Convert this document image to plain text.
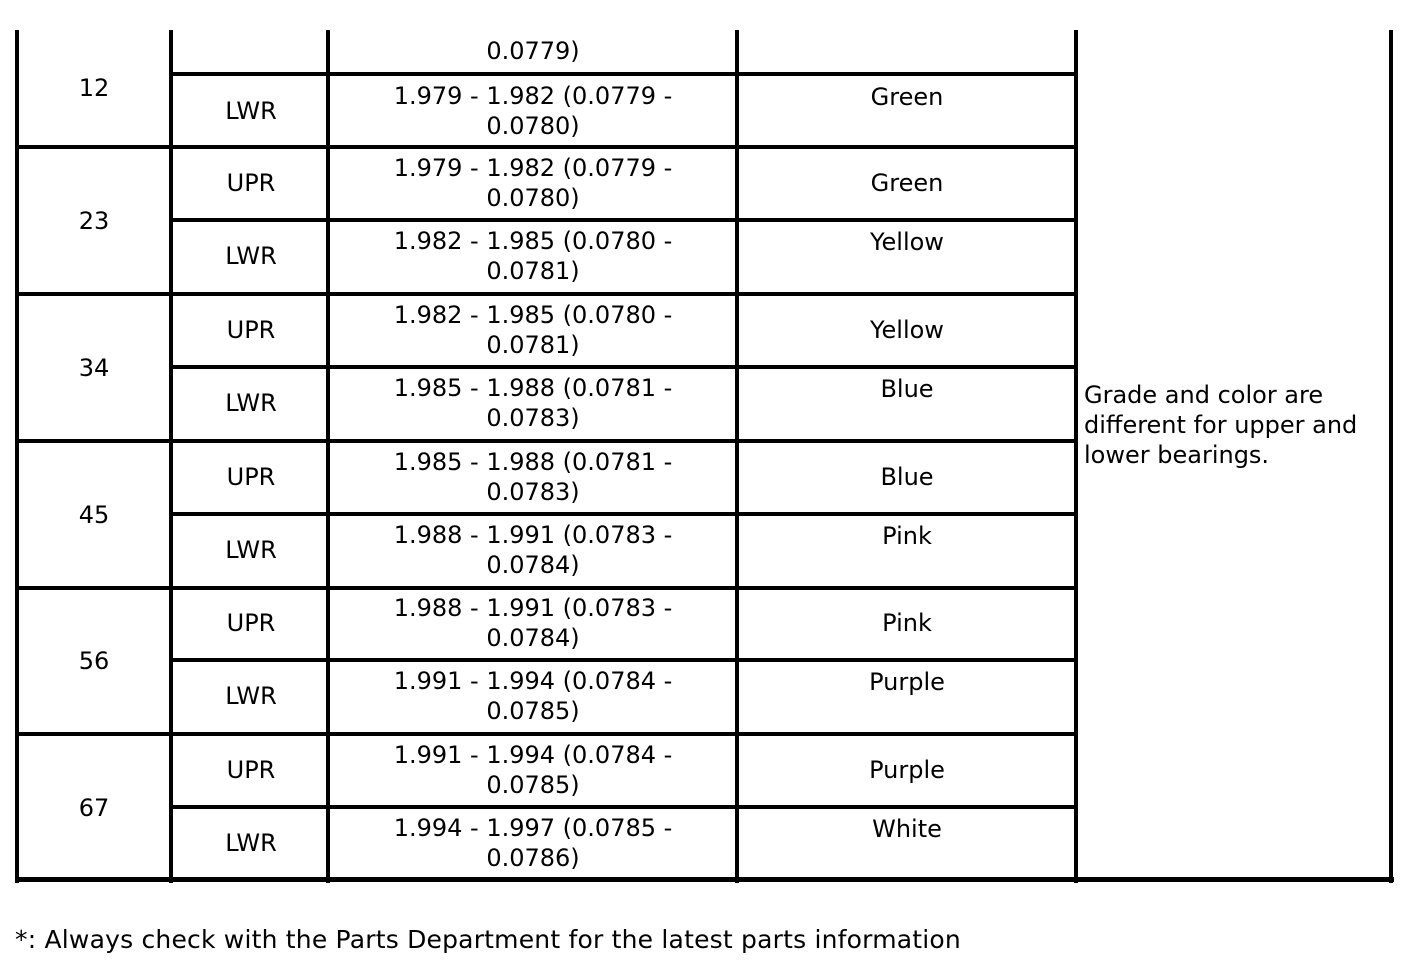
12
0.0779)
LWR
1.979 - 1.982 (0.0779 -
0.0780)
Green
23
UPR
1.979 - 1.982 (0.0779 -
0.0780)
Green
LWR
1.982 - 1.985 (0.0780 -
0.0781)
Yellow
34
UPR
1.982 - 1.985 (0.0780 -
0.0781)
Yellow
LWR
1.985 - 1.988 (0.0781 -
0.0783)
Blue
45
UPR
1.985 - 1.988 (0.0781 -
0.0783)
Blue
LWR
1.988 - 1.991 (0.0783 -
0.0784)
Pink
56
UPR
1.988 - 1.991 (0.0783 -
0.0784)
Pink
LWR
1.991 - 1.994 (0.0784 -
0.0785)
Purple
67
UPR
1.991 - 1.994 (0.0784 -
0.0785)
Purple
LWR
1.994 - 1.997 (0.0785 -
0.0786)
White
Grade and color are different for upper and lower bearings.
*: Always check with the Parts Department for the latest parts information
